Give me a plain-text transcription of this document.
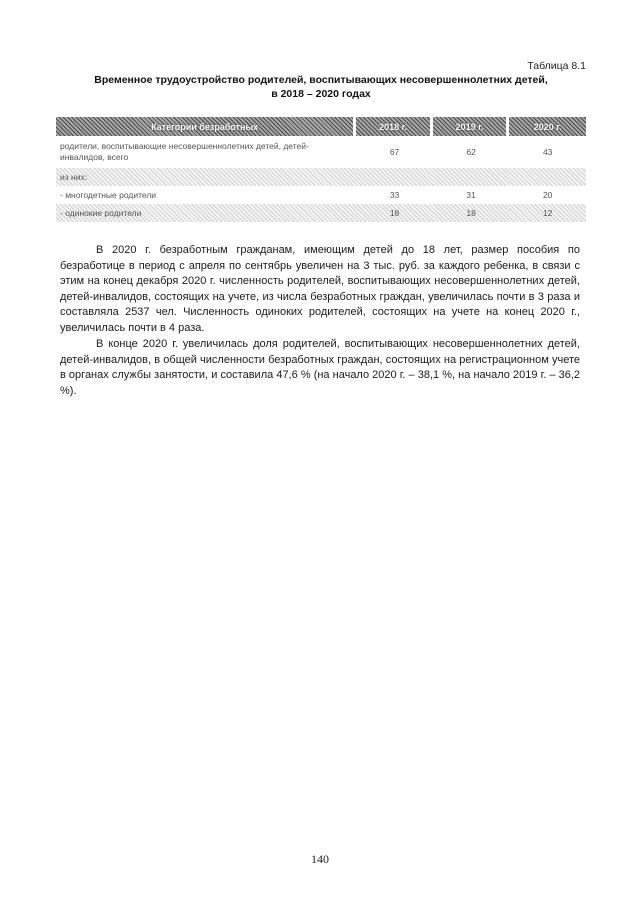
Таблица 8.1
Временное трудоустройство родителей, воспитывающих несовершеннолетних детей,
в 2018 – 2020 годах
Категории безработных	2018 г.	2019 г.	2020 г.
родители, воспитывающие несовершеннолетних детей, детей-инвалидов, всего	67	62	43
из них:			
- многодетные родители	33	31	20
- одинокие родители	18	18	12

В 2020 г. безработным гражданам, имеющим детей до 18 лет, размер пособия по безработице в период с апреля по сентябрь увеличен на 3 тыс. руб. за каждого ребенка, в связи с этим на конец декабря 2020 г. численность родителей, воспитывающих несовершеннолетних детей, детей-инвалидов, состоящих на учете, из числа безработных граждан, увеличилась почти в 3 раза и составляла 2537 чел. Численность одиноких родителей, состоящих на учете на конец 2020 г., увеличилась почти в 4 раза.

В конце 2020 г. увеличилась доля родителей, воспитывающих несовершеннолетних детей, детей-инвалидов, в общей численности безработных граждан, состоящих на регистрационном учете в органах службы занятости, и составила 47,6 % (на начало 2020 г. – 38,1 %, на начало 2019 г. – 36,2 %).

140
